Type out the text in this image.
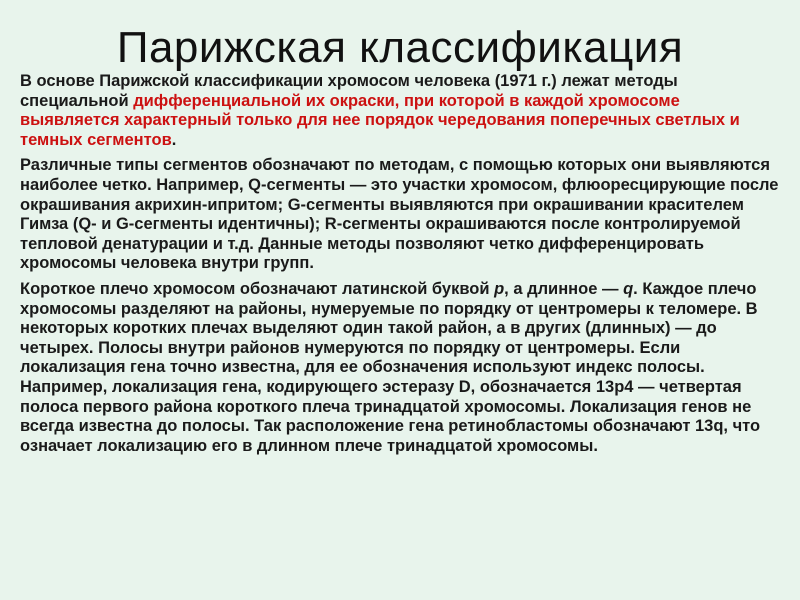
Парижская классификация

В основе Парижской классификации хромосом человека (1971 г.) лежат методы специальной дифференциальной их окраски, при которой в каждой хромосоме выявляется характерный только для нее порядок чередования поперечных светлых и темных сегментов.

Различные типы сегментов обозначают по методам, с помощью которых они выявляются наиболее четко. Например, Q-сегменты — это участки хромосом, флюоресцирующие после окрашивания акрихин-ипритом; G-сегменты выявляются при окрашивании красителем Гимза (Q- и G-сегменты идентичны); R-сегменты окрашиваются после контролируемой тепловой денатурации и т.д. Данные методы позволяют четко дифференцировать хромосомы человека внутри групп.

Короткое плечо хромосом обозначают латинской буквой р, а длинное — q. Каждое плечо хромосомы разделяют на районы, нумеруемые по порядку от центромеры к теломере. В некоторых коротких плечах выделяют один такой район, а в других (длинных) — до четырех. Полосы внутри районов нумеруются по порядку от центромеры. Если локализация гена точно известна, для ее обозначения используют индекс полосы. Например, локализация гена, кодирующего эстеразу D, обозначается 13р4 — четвертая полоса первого района короткого плеча тринадцатой хромосомы. Локализация генов не всегда известна до полосы. Так расположение гена ретинобластомы обозначают 13q, что означает локализацию его в длинном плече тринадцатой хромосомы.
